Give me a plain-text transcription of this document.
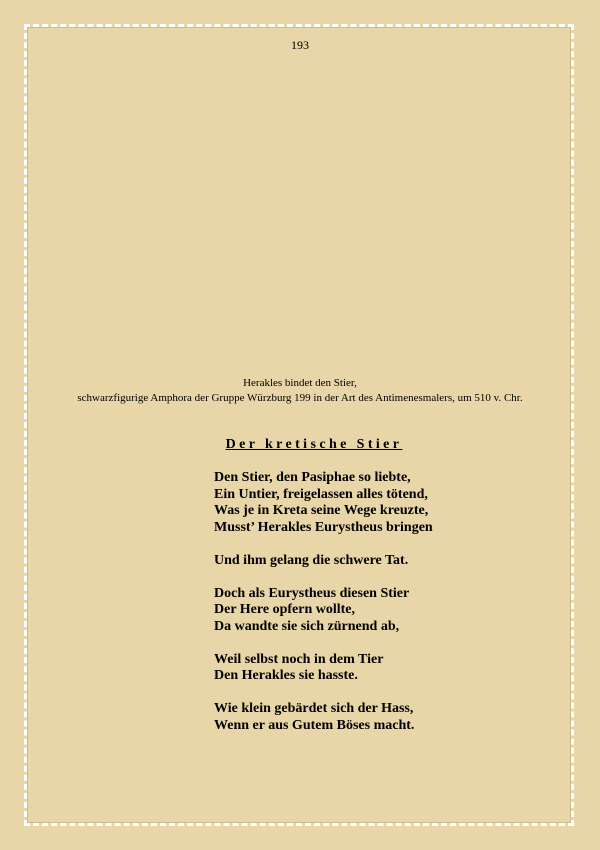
193
Herakles bindet den Stier,
schwarzfigurige Amphora der Gruppe Würzburg 199 in der Art des Antimenesmalers, um 510 v. Chr.
Der kretische Stier
Den Stier, den Pasiphae so liebte,
Ein Untier, freigelassen alles tötend,
Was je in Kreta seine Wege kreuzte,
Musst’ Herakles Eurystheus bringen
Und ihm gelang die schwere Tat.
Doch als Eurystheus diesen Stier
Der Here opfern wollte,
Da wandte sie sich zürnend ab,
Weil selbst noch in dem Tier
Den Herakles sie hasste.
Wie klein gebärdet sich der Hass,
Wenn er aus Gutem Böses macht.
